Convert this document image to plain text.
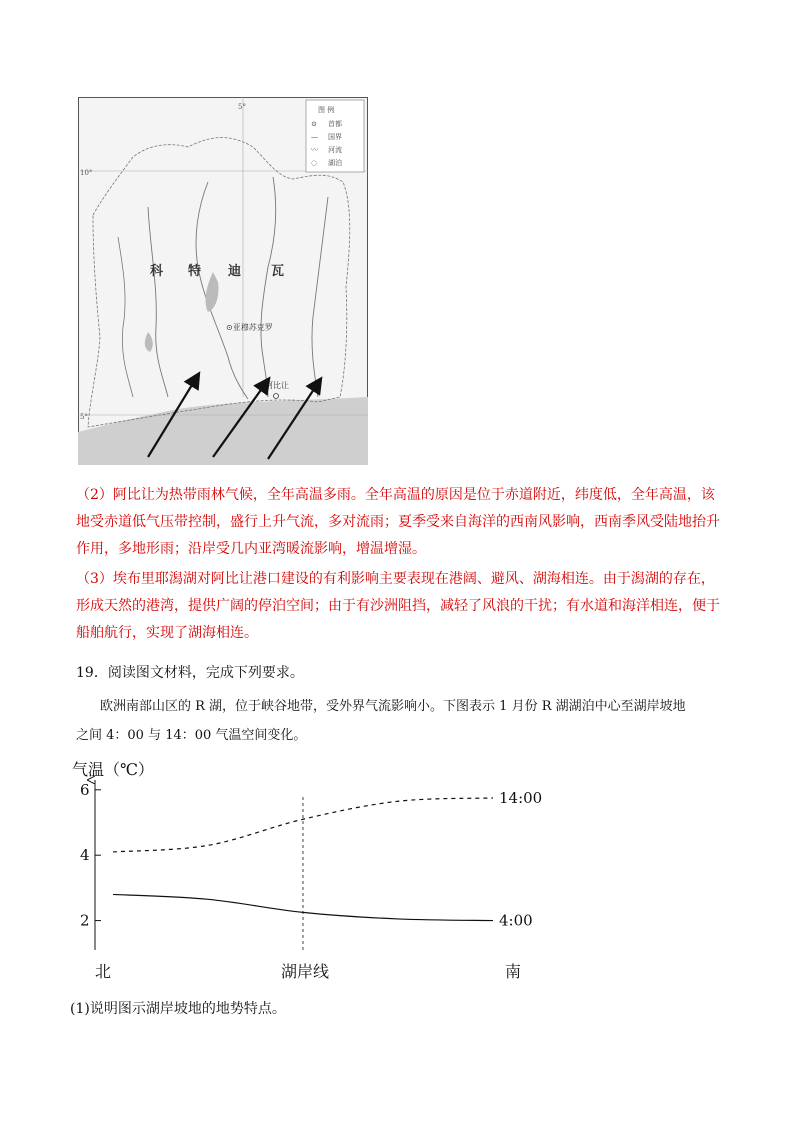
科 特 迪 瓦
5°
10°
5°
⊙亚穆苏克罗
阿比让
图 例
⊙ 首都
— 国界
〰 河流
◌ 湖泊
（2）阿比让为热带雨林气候，全年高温多雨。全年高温的原因是位于赤道附近，纬度低，全年高温，该
地受赤道低气压带控制，盛行上升气流，多对流雨；夏季受来自海洋的西南风影响，西南季风受陆地抬升
作用，多地形雨；沿岸受几内亚湾暖流影响，增温增湿。
（3）埃布里耶潟湖对阿比让港口建设的有利影响主要表现在港阔、避风、湖海相连。由于潟湖的存在，
形成天然的港湾，提供广阔的停泊空间；由于有沙洲阻挡，减轻了风浪的干扰；有水道和海洋相连，便于
船舶航行，实现了湖海相连。
19．阅读图文材料，完成下列要求。
欧洲南部山区的 R 湖，位于峡谷地带，受外界气流影响小。下图表示 1 月份 R 湖湖泊中心至湖岸坡地
之间 4：00 与 14：00 气温空间变化。
气温（℃）
2
4
6	14:00
4:00
北	湖岸线	南
(1)说明图示湖岸坡地的地势特点。
